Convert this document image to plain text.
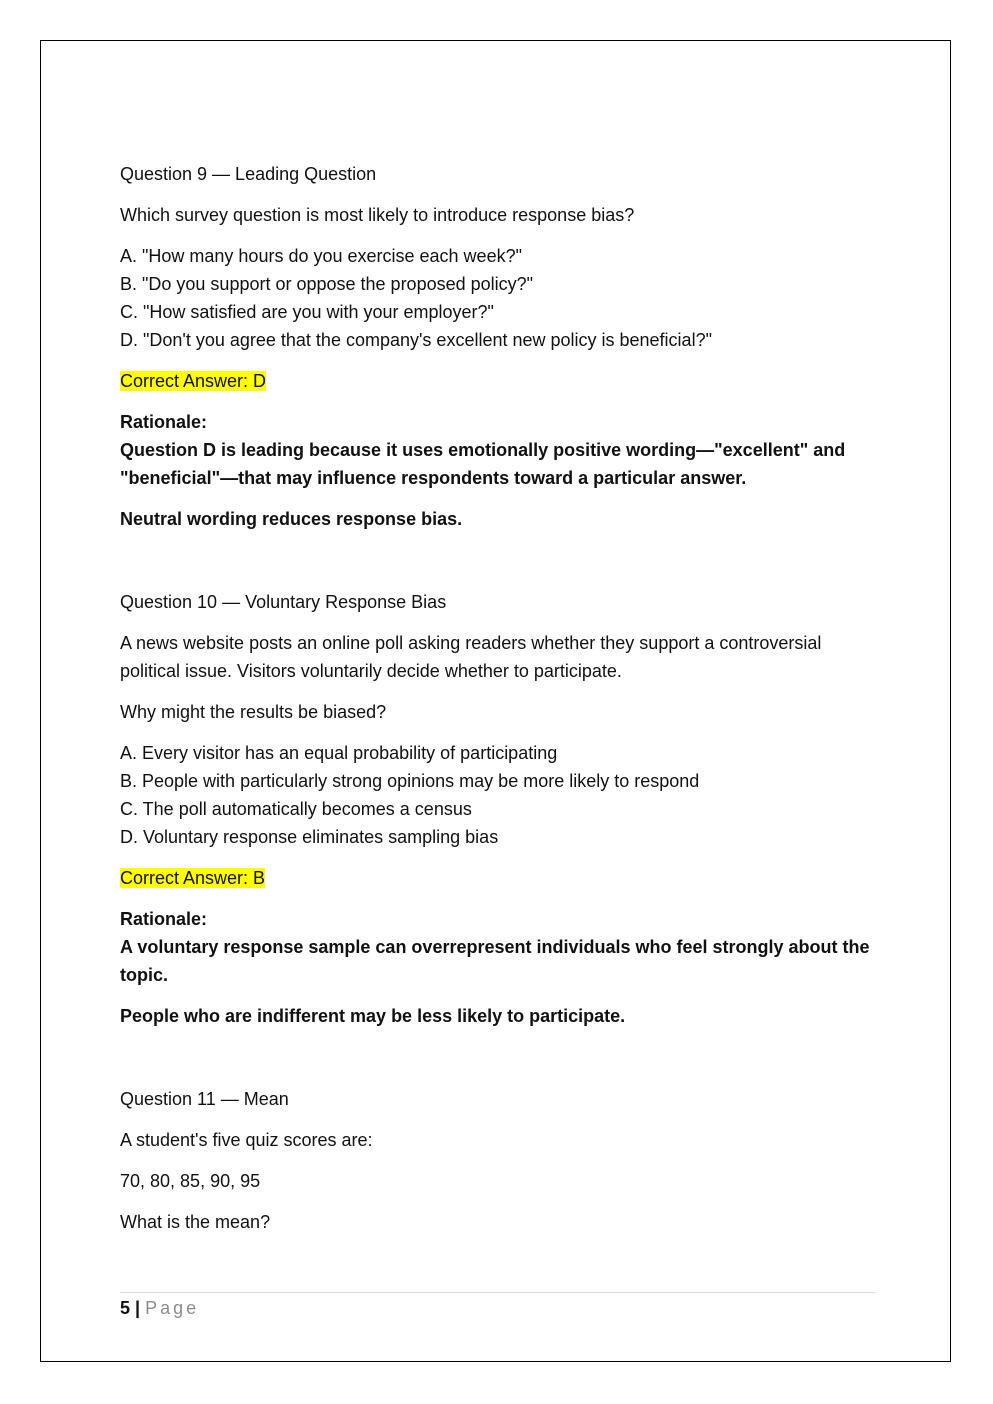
Question 9 — Leading Question

Which survey question is most likely to introduce response bias?

A. "How many hours do you exercise each week?"
B. "Do you support or oppose the proposed policy?"
C. "How satisfied are you with your employer?"
D. "Don't you agree that the company's excellent new policy is beneficial?"
Correct Answer: D
Rationale:
Question D is leading because it uses emotionally positive wording—"excellent" and "beneficial"—that may influence respondents toward a particular answer.

Neutral wording reduces response bias.

Question 10 — Voluntary Response Bias

A news website posts an online poll asking readers whether they support a controversial political issue. Visitors voluntarily decide whether to participate.

Why might the results be biased?

A. Every visitor has an equal probability of participating
B. People with particularly strong opinions may be more likely to respond
C. The poll automatically becomes a census
D. Voluntary response eliminates sampling bias
Correct Answer: B
Rationale:
A voluntary response sample can overrepresent individuals who feel strongly about the topic.

People who are indifferent may be less likely to participate.

Question 11 — Mean

A student's five quiz scores are:

70, 80, 85, 90, 95

What is the mean?

5 | Page
